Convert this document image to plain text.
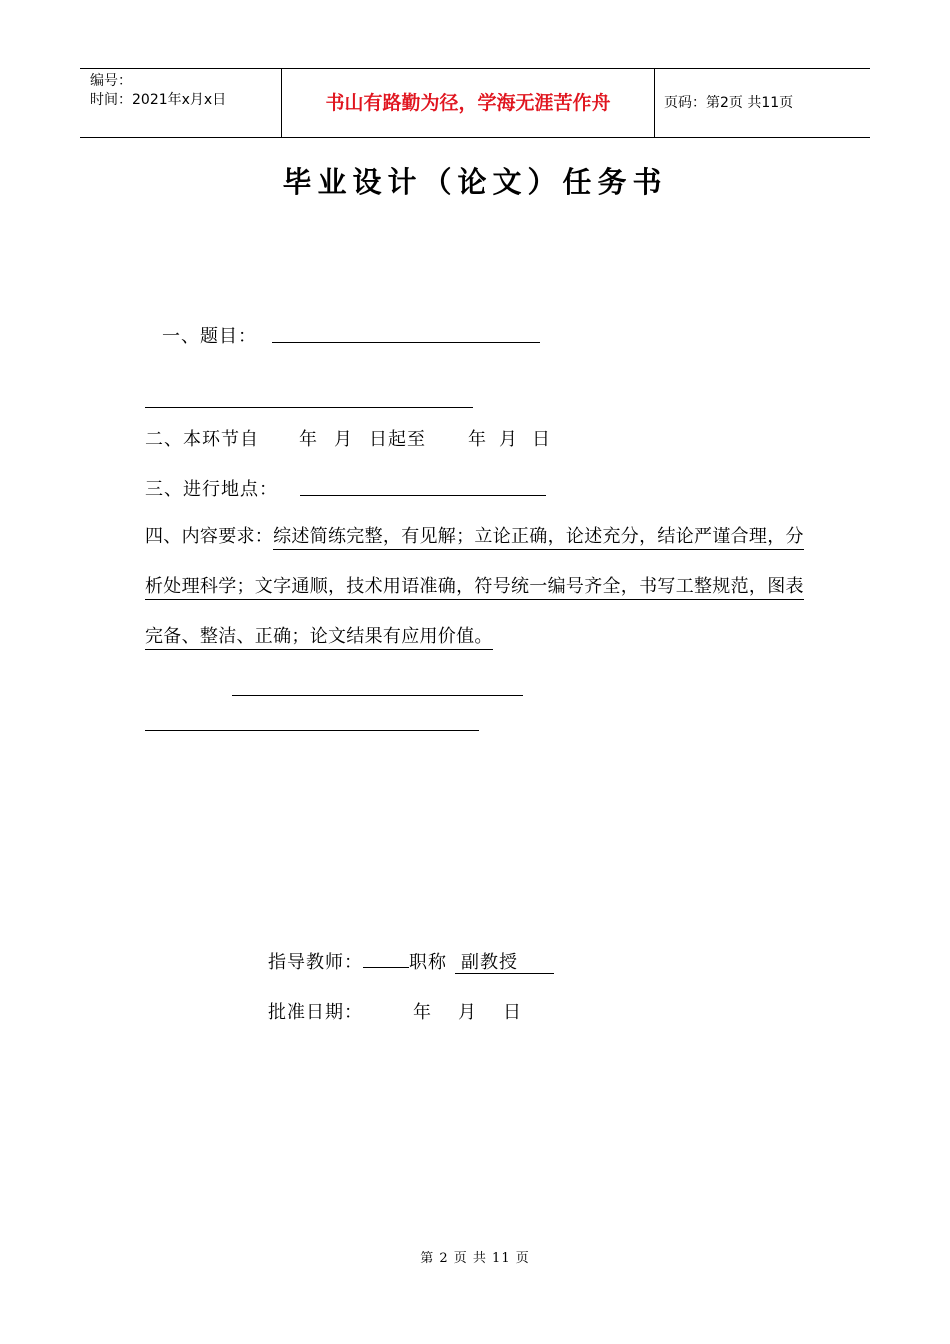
编号：
时间：2021年x月x日	书山有路勤为径，学海无涯苦作舟	页码：第2页 共11页
毕业设计（论文）任务书
一、题目：
二、本环节自 年 月 日起至 年 月 日
三、进行地点：
四、内容要求：综述简练完整，有见解；立论正确，论述充分，结论严谨合理，分析处理科学；文字通顺，技术用语准确，符号统一编号齐全，书写工整规范，图表完备、整洁、正确；论文结果有应用价值。
指导教师：	职称 副教授
批准日期：	年 月 日
第 2 页 共 11 页
